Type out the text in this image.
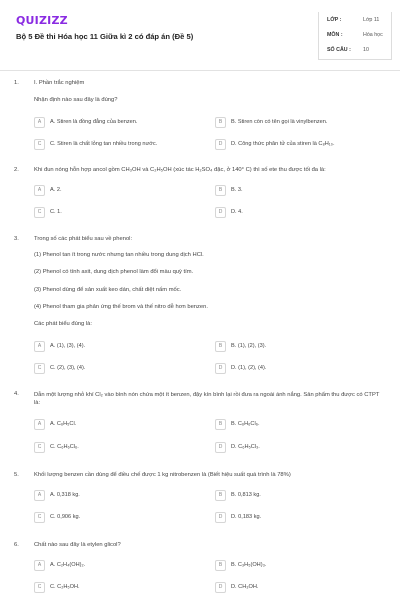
QUIZIZZ
Bộ 5 Đề thi Hóa học 11 Giữa kì 2 có đáp án (Đề 5)
LỚP :	Lớp 11
MÔN :	Hóa học
SỐ CÂU : 10
1.	I. Phần trắc nghiệm
Nhận định nào sau đây là đúng?
A	A. Stiren là đồng đẳng của benzen.	B	B. Stiren còn có tên gọi là vinylbenzen.
C	C. Stiren là chất lỏng tan nhiều trong nước.	D	D. Công thức phân tử của stiren là C₈H₁₀.
2.	Khi đun nóng hỗn hợp ancol gồm CH₃OH và C₂H₅OH (xúc tác H₂SO₄ đặc, ở 140° C) thì số ete thu được tối đa là:
A	A. 2.	B	B. 3.
C	C. 1.	D	D. 4.
3.	Trong số các phát biểu sau về phenol:
(1) Phenol tan ít trong nước nhưng tan nhiều trong dung dịch HCl.
(2) Phenol có tính axit, dung dịch phenol làm đổi màu quỳ tím.
(3) Phenol dùng để sản xuất keo dán, chất diệt nấm mốc.
(4) Phenol tham gia phản ứng thế brom và thế nitro dễ hơn benzen.
Các phát biểu đúng là:
A	A. (1), (3), (4).	B	B. (1), (2), (3).
C	C. (2), (3), (4).	D	D. (1), (2), (4).
4.	Dẫn một lượng nhỏ khí Cl₂ vào bình nón chứa một ít benzen, đậy kín bình lại rồi đưa ra ngoài ánh nắng. Sản phẩm thu được có CTPT là:
A	A. C₆H₅Cl.	B	B. C₆H₆Cl₆.
C	C. C₆H₆Cl₆.	D	D. C₆H₅Cl₃.
5.	Khối lượng benzen cần dùng để điều chế được 1 kg nitrobenzen là (Biết hiệu suất quá trình là 78%)
A	A. 0,318 kg.	B	B. 0,813 kg.
C	C. 0,906 kg.	D	D. 0,183 kg.
6.	Chất nào sau đây là etylen glicol?
A	A. C₂H₄(OH)₂.	B	B. C₃H₅(OH)₃.
C	C. C₂H₅OH.	D	D. CH₃OH.
